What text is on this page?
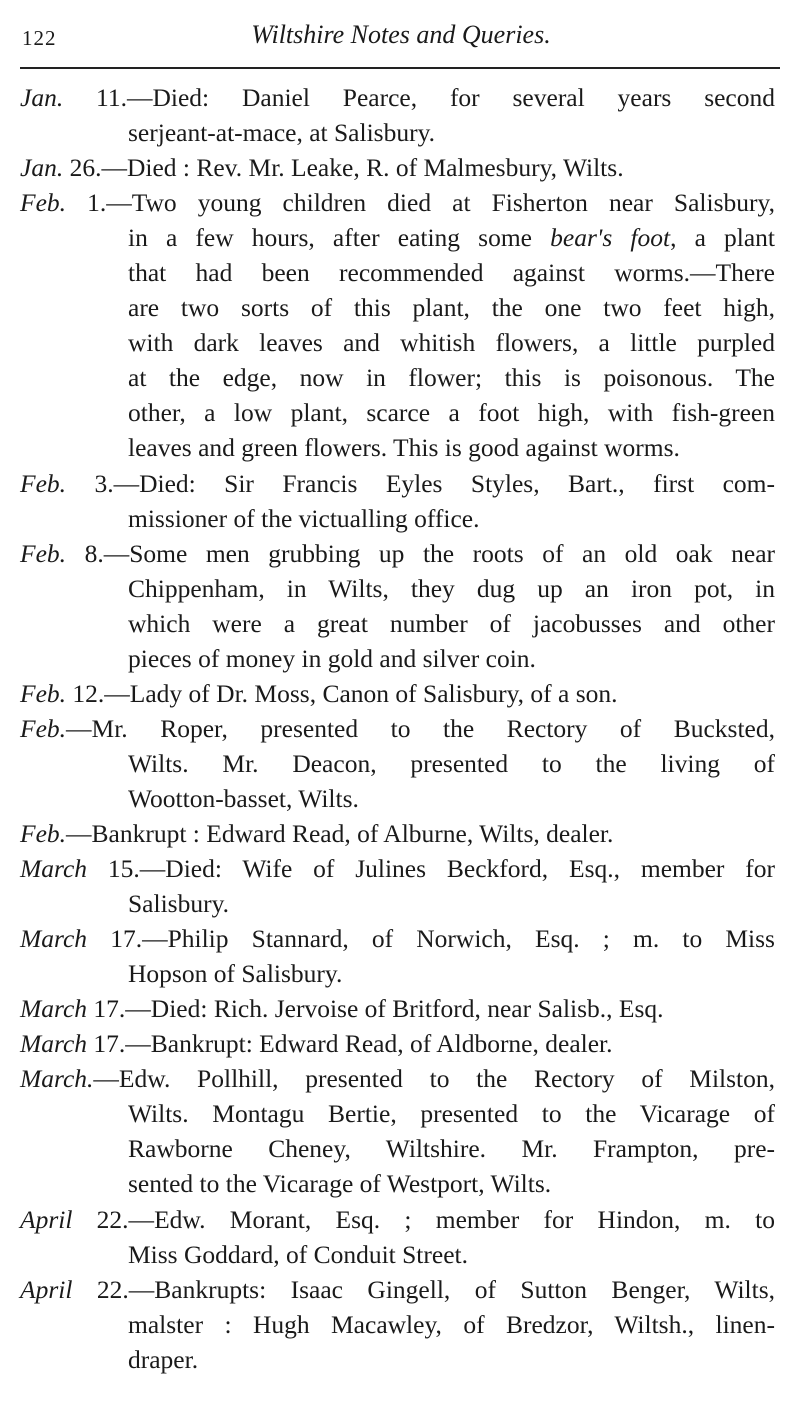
122	Wiltshire Notes and Queries.
Jan. 11.—Died: Daniel Pearce, for several years second
serjeant-at-mace, at Salisbury.
Jan. 26.—Died : Rev. Mr. Leake, R. of Malmesbury, Wilts.
Feb. 1.—Two young children died at Fisherton near Salisbury,
in a few hours, after eating some bear's foot, a plant
that had been recommended against worms.—There
are two sorts of this plant, the one two feet high,
with dark leaves and whitish flowers, a little purpled
at the edge, now in flower; this is poisonous. The
other, a low plant, scarce a foot high, with fish-green
leaves and green flowers. This is good against worms.
Feb. 3.—Died: Sir Francis Eyles Styles, Bart., first com-
missioner of the victualling office.
Feb. 8.—Some men grubbing up the roots of an old oak near
Chippenham, in Wilts, they dug up an iron pot, in
which were a great number of jacobusses and other
pieces of money in gold and silver coin.
Feb. 12.—Lady of Dr. Moss, Canon of Salisbury, of a son.
Feb.—Mr. Roper, presented to the Rectory of Bucksted,
Wilts. Mr. Deacon, presented to the living of
Wootton-basset, Wilts.
Feb.—Bankrupt : Edward Read, of Alburne, Wilts, dealer.
March 15.—Died: Wife of Julines Beckford, Esq., member for
Salisbury.
March 17.—Philip Stannard, of Norwich, Esq. ; m. to Miss
Hopson of Salisbury.
March 17.—Died: Rich. Jervoise of Britford, near Salisb., Esq.
March 17.—Bankrupt: Edward Read, of Aldborne, dealer.
March.—Edw. Pollhill, presented to the Rectory of Milston,
Wilts. Montagu Bertie, presented to the Vicarage of
Rawborne Cheney, Wiltshire. Mr. Frampton, pre-
sented to the Vicarage of Westport, Wilts.
April 22.—Edw. Morant, Esq. ; member for Hindon, m. to
Miss Goddard, of Conduit Street.
April 22.—Bankrupts: Isaac Gingell, of Sutton Benger, Wilts,
malster : Hugh Macawley, of Bredzor, Wiltsh., linen-
draper.
